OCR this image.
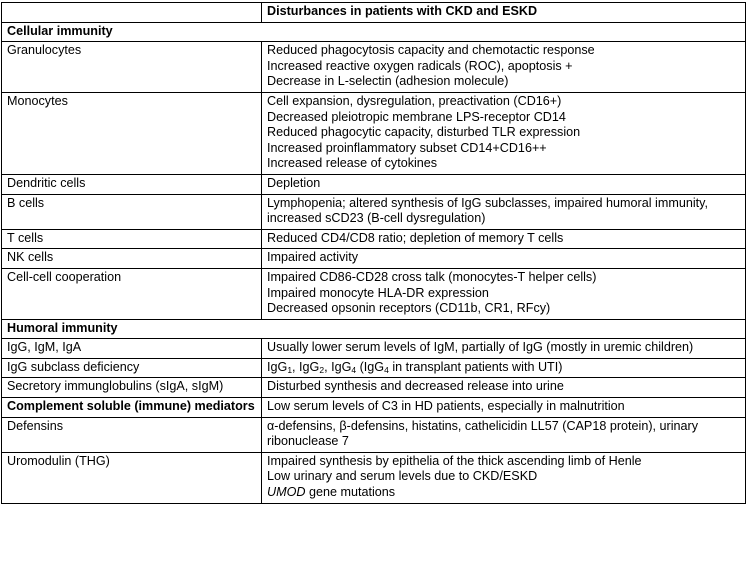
	Disturbances in patients with CKD and ESKD
Cellular immunity	
Granulocytes	Reduced phagocytosis capacity and chemotactic response
Increased reactive oxygen radicals (ROC), apoptosis +
Decrease in L-selectin (adhesion molecule)

Monocytes	Cell expansion, dysregulation, preactivation (CD16+)
Decreased pleiotropic membrane LPS-receptor CD14
Reduced phagocytic capacity, disturbed TLR expression
Increased proinflammatory subset CD14+CD16++
Increased release of cytokines

Dendritic cells	Depletion
B cells	Lymphopenia; altered synthesis of IgG subclasses, impaired humoral immunity, increased sCD23 (B-cell dysregulation)

T cells	Reduced CD4/CD8 ratio; depletion of memory T cells
NK cells	Impaired activity
Cell-cell cooperation	Impaired CD86-CD28 cross talk (monocytes-T helper cells)
Impaired monocyte HLA-DR expression
Decreased opsonin receptors (CD11b, CR1, RFcy)

Humoral immunity	
IgG, IgM, IgA	Usually lower serum levels of IgM, partially of IgG (mostly in uremic children)
IgG subclass deficiency	IgG$_1$, IgG$_2$, IgG$_4$ (IgG$_4$ in transplant patients with UTI)
Secretory immunglobulins (sIgA, sIgM)	Disturbed synthesis and decreased release into urine
Complement soluble (immune) mediators	Low serum levels of C3 in HD patients, especially in malnutrition
Defensins	α-defensins, β-defensins, histatins, cathelicidin LL57 (CAP18 protein), urinary ribonuclease 7

Uromodulin (THG)	Impaired synthesis by epithelia of the thick ascending limb of Henle
Low urinary and serum levels due to CKD/ESKD
UMOD gene mutations
